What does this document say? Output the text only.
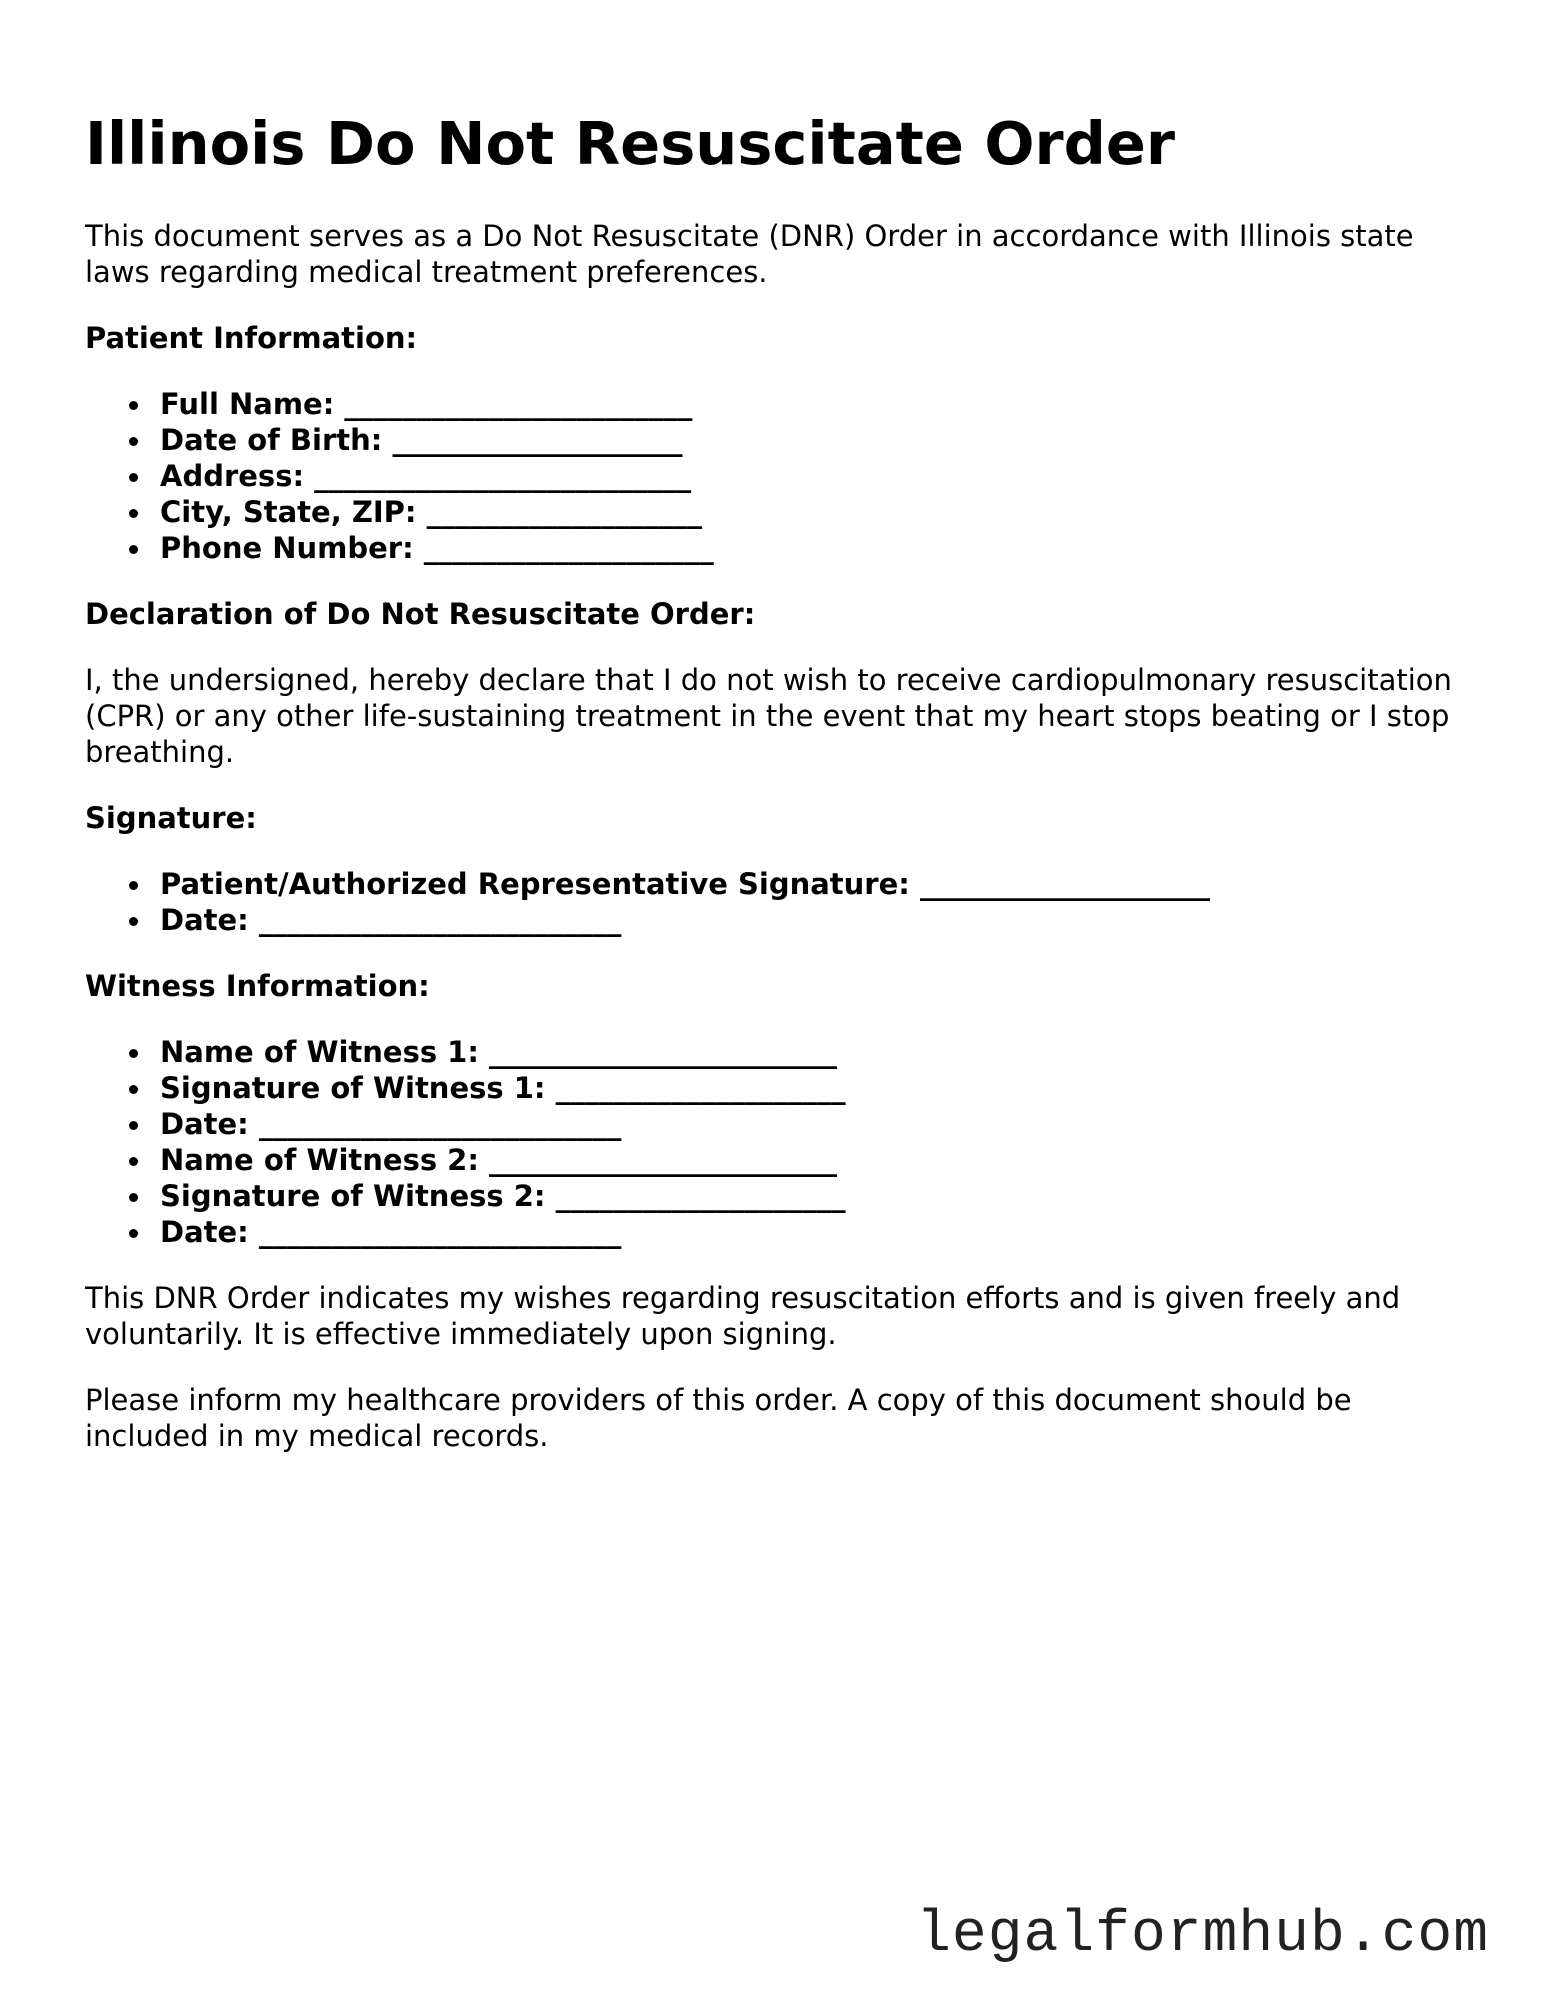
Illinois Do Not Resuscitate Order

This document serves as a Do Not Resuscitate (DNR) Order in accordance with Illinois state laws regarding medical treatment preferences.

Patient Information:
Full Name: ________________________
Date of Birth: ____________________
Address: __________________________
City, State, ZIP: ___________________
Phone Number: ____________________
Declaration of Do Not Resuscitate Order:

I, the undersigned, hereby declare that I do not wish to receive cardiopulmonary resuscitation (CPR) or any other life-sustaining treatment in the event that my heart stops beating or I stop breathing.

Signature:
Patient/Authorized Representative Signature: ____________________
Date: _________________________
Witness Information:
Name of Witness 1: ________________________
Signature of Witness 1: ____________________
Date: _________________________
Name of Witness 2: ________________________
Signature of Witness 2: ____________________
Date: _________________________

This DNR Order indicates my wishes regarding resuscitation efforts and is given freely and voluntarily. It is effective immediately upon signing.

Please inform my healthcare providers of this order. A copy of this document should be included in my medical records.

legalformhub.com
